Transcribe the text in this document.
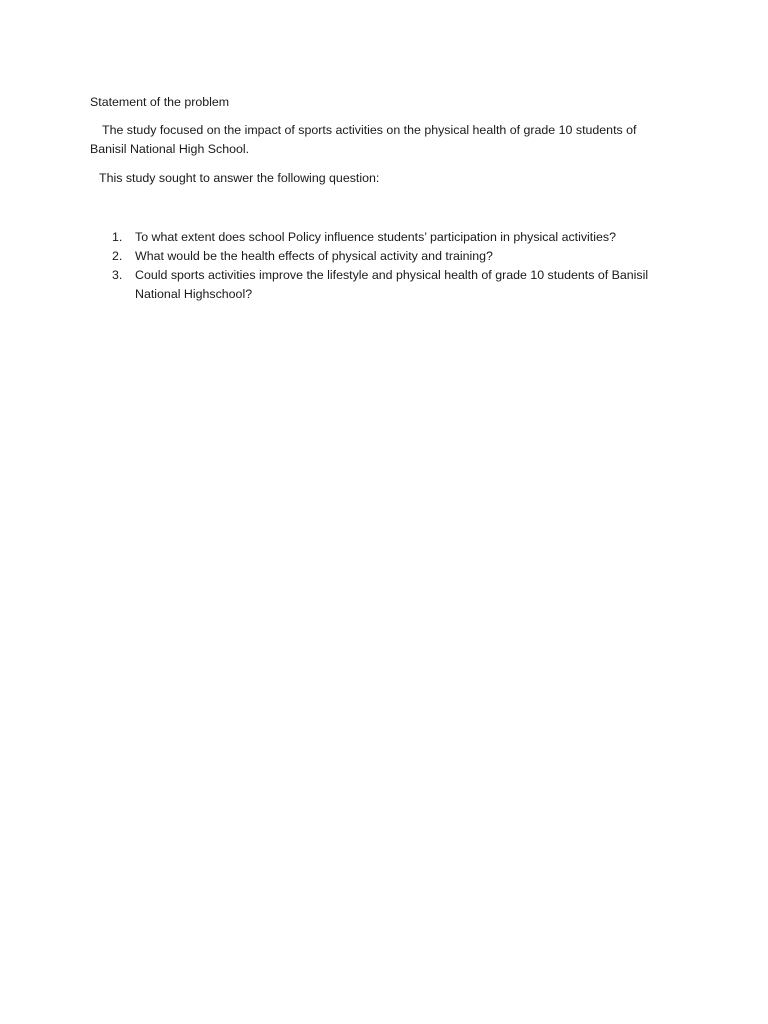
Statement of the problem

The study focused on the impact of sports activities on the physical health of grade 10 students of Banisil National High School.

This study sought to answer the following question:

1. To what extent does school Policy influence students’ participation in physical activities?
2. What would be the health effects of physical activity and training?
3. Could sports activities improve the lifestyle and physical health of grade 10 students of Banisil National Highschool?
